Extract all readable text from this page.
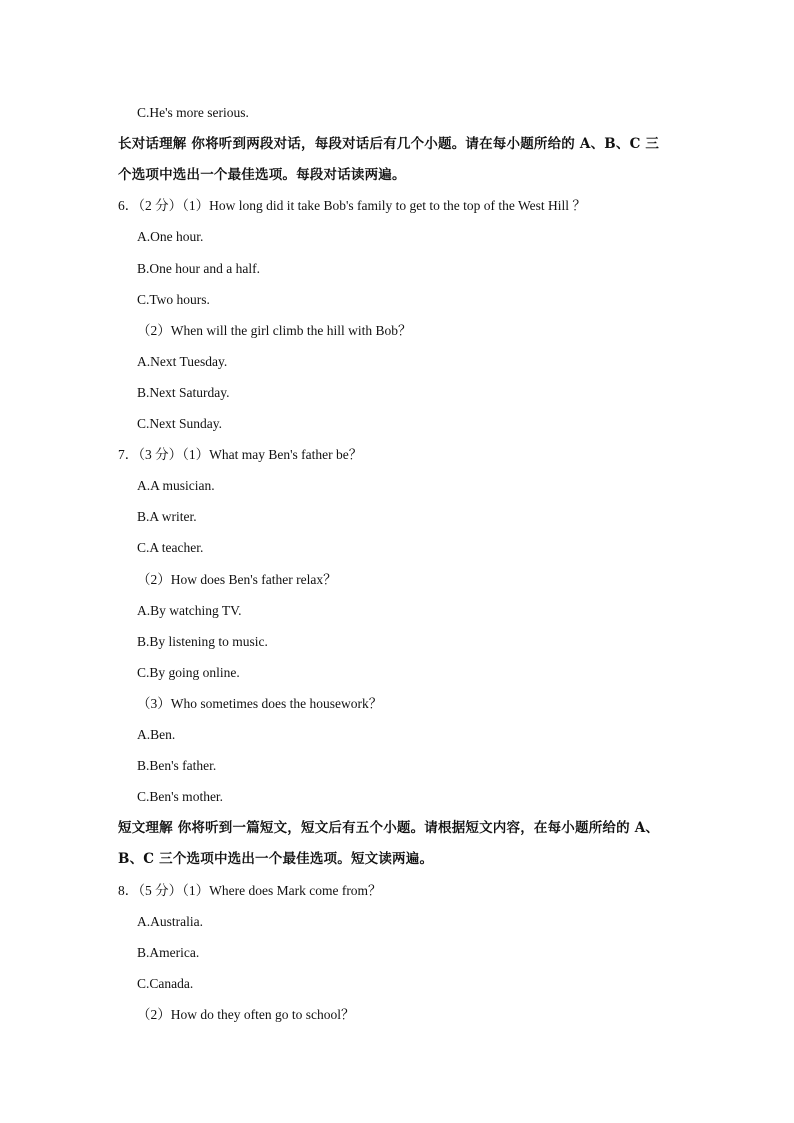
C.He's more serious.
长对话理解 你将听到两段对话，每段对话后有几个小题。请在每小题所给的 A、B、C 三
个选项中选出一个最佳选项。每段对话读两遍。
6．（2 分）（1）How long did it take Bob's family to get to the top of the West Hill ？
A.One hour.
B.One hour and a half.
C.Two hours.
（2）When will the girl climb the hill with Bob？
A.Next Tuesday.
B.Next Saturday.
C.Next Sunday.
7．（3 分）（1）What may Ben's father be？
A.A musician.
B.A writer.
C.A teacher.
（2）How does Ben's father relax？
A.By watching TV.
B.By listening to music.
C.By going online.
（3）Who sometimes does the housework？
A.Ben.
B.Ben's father.
C.Ben's mother.
短文理解 你将听到一篇短文，短文后有五个小题。请根据短文内容，在每小题所给的 A、
B、C 三个选项中选出一个最佳选项。短文读两遍。
8．（5 分）（1）Where does Mark come from？
A.Australia.
B.America.
C.Canada.
（2）How do they often go to school？
